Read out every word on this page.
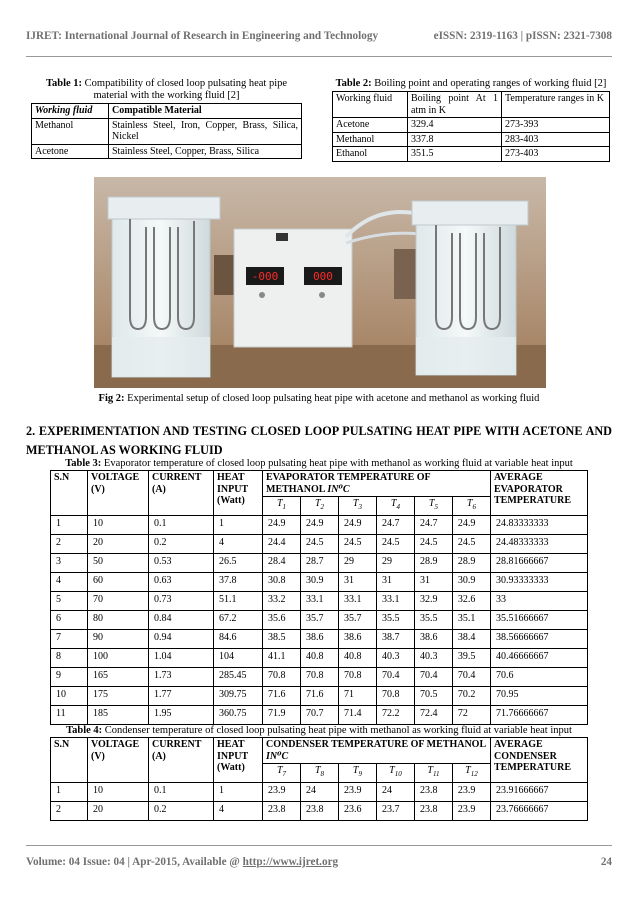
IJRET: International Journal of Research in Engineering and Technology	eISSN: 2319-1163 | pISSN: 2321-7308
Table 1: Compatibility of closed loop pulsating heat pipe material with the working fluid [2]
Working fluid	Compatible Material
Methanol	Stainless Steel, Iron, Copper, Brass, Silica, Nickel
Acetone	Stainless Steel, Copper, Brass, Silica
Table 2: Boiling point and operating ranges of working fluid [2]
Working fluid	Boiling point At 1 atm in K	Temperature ranges in K
Acetone	329.4	273-393
Methanol	337.8	283-403
Ethanol	351.5	273-403
-000	000
Fig 2: Experimental setup of closed loop pulsating heat pipe with acetone and methanol as working fluid
2. EXPERIMENTATION AND TESTING CLOSED LOOP PULSATING HEAT PIPE WITH ACETONE AND METHANOL AS WORKING FLUID
Table 3: Evaporator temperature of closed loop pulsating heat pipe with methanol as working fluid at variable heat input
S.N	VOLTAGE (V)	CURRENT (A)	HEAT INPUT (Watt)	EVAPORATOR TEMPERATURE OF METHANOL IN⁰C						AVERAGE EVAPORATOR TEMPERATURE
				$T_1$	$T_2$	$T_3$	$T_4$	$T_5$	$T_6$
1	10	0.1	1	24.9	24.9	24.9	24.7	24.7	24.9	24.83333333
2	20	0.2	4	24.4	24.5	24.5	24.5	24.5	24.5	24.48333333
3	50	0.53	26.5	28.4	28.7	29	29	28.9	28.9	28.81666667
4	60	0.63	37.8	30.8	30.9	31	31	31	30.9	30.93333333
5	70	0.73	51.1	33.2	33.1	33.1	33.1	32.9	32.6	33
6	80	0.84	67.2	35.6	35.7	35.7	35.5	35.5	35.1	35.51666667
7	90	0.94	84.6	38.5	38.6	38.6	38.7	38.6	38.4	38.56666667
8	100	1.04	104	41.1	40.8	40.8	40.3	40.3	39.5	40.46666667
9	165	1.73	285.45	70.8	70.8	70.8	70.4	70.4	70.4	70.6
10	175	1.77	309.75	71.6	71.6	71	70.8	70.5	70.2	70.95
11	185	1.95	360.75	71.9	70.7	71.4	72.2	72.4	72	71.76666667
Table 4: Condenser temperature of closed loop pulsating heat pipe with methanol as working fluid at variable heat input
S.N	VOLTAGE (V)	CURRENT (A)	HEAT INPUT (Watt)	CONDENSER TEMPERATURE OF METHANOL IN⁰C						AVERAGE CONDENSER TEMPERATURE
				$T_7$	$T_8$	$T_9$	$T_{10}$	$T_{11}$	$T_{12}$
1	10	0.1	1	23.9	24	23.9	24	23.8	23.9	23.91666667
2	20	0.2	4	23.8	23.8	23.6	23.7	23.8	23.9	23.76666667
Volume: 04 Issue: 04 | Apr-2015, Available @ http://www.ijret.org	24
